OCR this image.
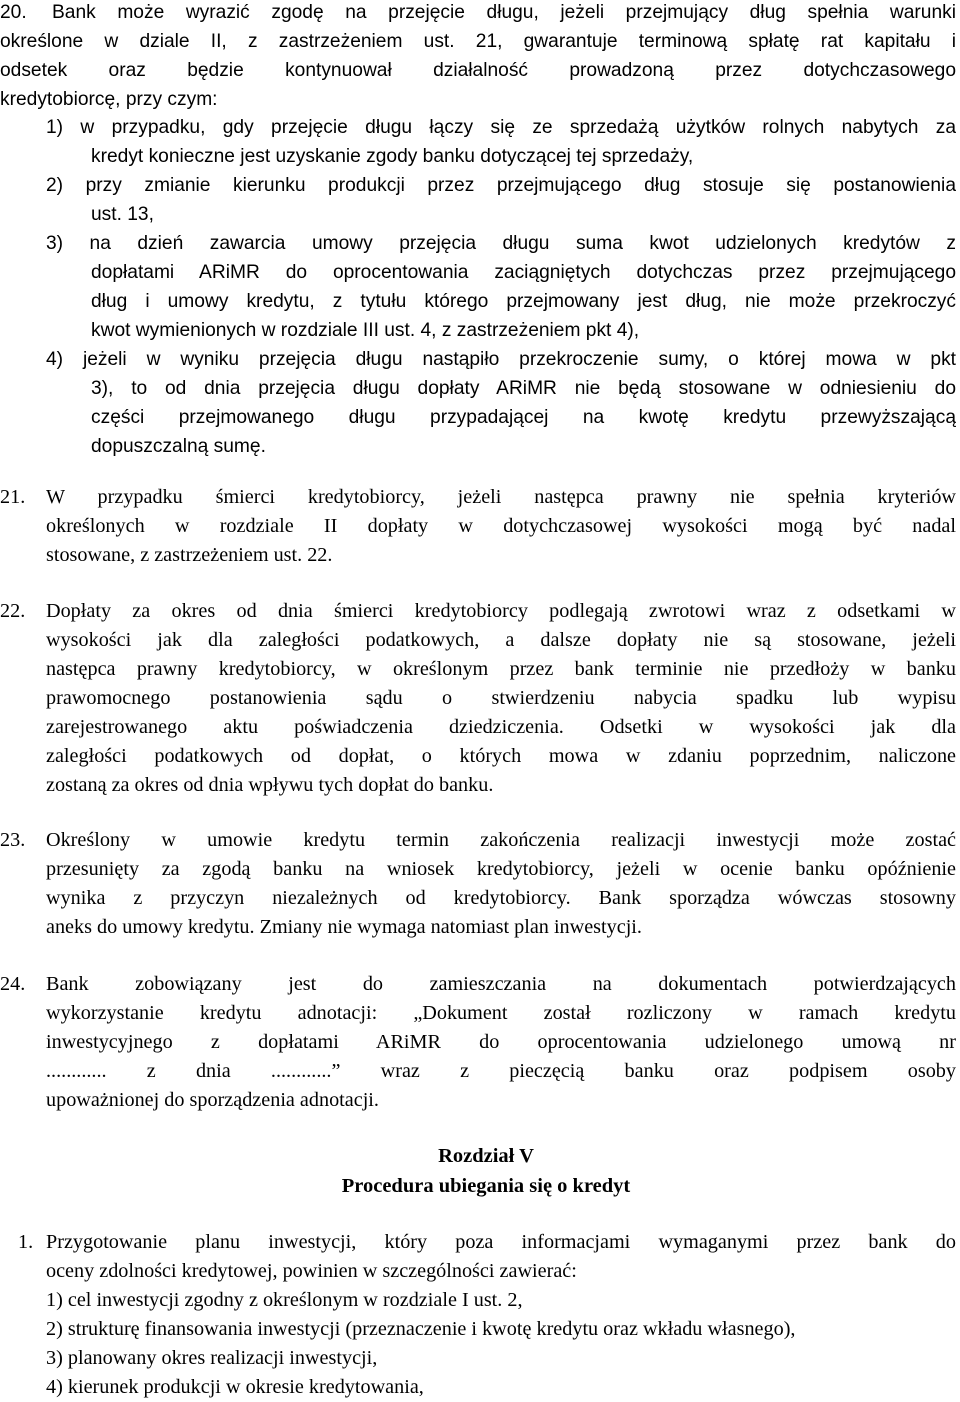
20. Bank może wyrazić zgodę na przejęcie długu, jeżeli przejmujący dług spełnia warunki
określone w dziale II, z zastrzeżeniem ust. 21, gwarantuje terminową spłatę rat kapitału i
odsetek oraz będzie kontynuował działalność prowadzoną przez dotychczasowego
kredytobiorcę, przy czym:
1) w przypadku, gdy przejęcie długu łączy się ze sprzedażą użytków rolnych nabytych za
kredyt konieczne jest uzyskanie zgody banku dotyczącej tej sprzedaży,
2) przy zmianie kierunku produkcji przez przejmującego dług stosuje się postanowienia
ust. 13,
3) na dzień zawarcia umowy przejęcia długu suma kwot udzielonych kredytów z
dopłatami ARiMR do oprocentowania zaciągniętych dotychczas przez przejmującego
dług i umowy kredytu, z tytułu którego przejmowany jest dług, nie może przekroczyć
kwot wymienionych w rozdziale III ust. 4, z zastrzeżeniem pkt 4),
4) jeżeli w wyniku przejęcia długu nastąpiło przekroczenie sumy, o której mowa w pkt
3), to od dnia przejęcia długu dopłaty ARiMR nie będą stosowane w odniesieniu do
części przejmowanego długu przypadającej na kwotę kredytu przewyższającą
dopuszczalną sumę.
21. W przypadku śmierci kredytobiorcy, jeżeli następca prawny nie spełnia kryteriów
określonych w rozdziale II dopłaty w dotychczasowej wysokości mogą być nadal
stosowane, z zastrzeżeniem ust. 22.
22. Dopłaty za okres od dnia śmierci kredytobiorcy podlegają zwrotowi wraz z odsetkami w
wysokości jak dla zaległości podatkowych, a dalsze dopłaty nie są stosowane, jeżeli
następca prawny kredytobiorcy, w określonym przez bank terminie nie przedłoży w banku
prawomocnego postanowienia sądu o stwierdzeniu nabycia spadku lub wypisu
zarejestrowanego aktu poświadczenia dziedziczenia. Odsetki w wysokości jak dla
zaległości podatkowych od dopłat, o których mowa w zdaniu poprzednim, naliczone
zostaną za okres od dnia wpływu tych dopłat do banku.
23. Określony w umowie kredytu termin zakończenia realizacji inwestycji może zostać
przesunięty za zgodą banku na wniosek kredytobiorcy, jeżeli w ocenie banku opóźnienie
wynika z przyczyn niezależnych od kredytobiorcy. Bank sporządza wówczas stosowny
aneks do umowy kredytu. Zmiany nie wymaga natomiast plan inwestycji.
24. Bank zobowiązany jest do zamieszczania na dokumentach potwierdzających
wykorzystanie kredytu adnotacji: „Dokument został rozliczony w ramach kredytu
inwestycyjnego z dopłatami ARiMR do oprocentowania udzielonego umową nr
............ z dnia ............” wraz z pieczęcią banku oraz podpisem osoby
upoważnionej do sporządzenia adnotacji.
Rozdział V
Procedura ubiegania się o kredyt
1. Przygotowanie planu inwestycji, który poza informacjami wymaganymi przez bank do
oceny zdolności kredytowej, powinien w szczególności zawierać:
1) cel inwestycji zgodny z określonym w rozdziale I ust. 2,
2) strukturę finansowania inwestycji (przeznaczenie i kwotę kredytu oraz wkładu własnego),
3) planowany okres realizacji inwestycji,
4) kierunek produkcji w okresie kredytowania,
